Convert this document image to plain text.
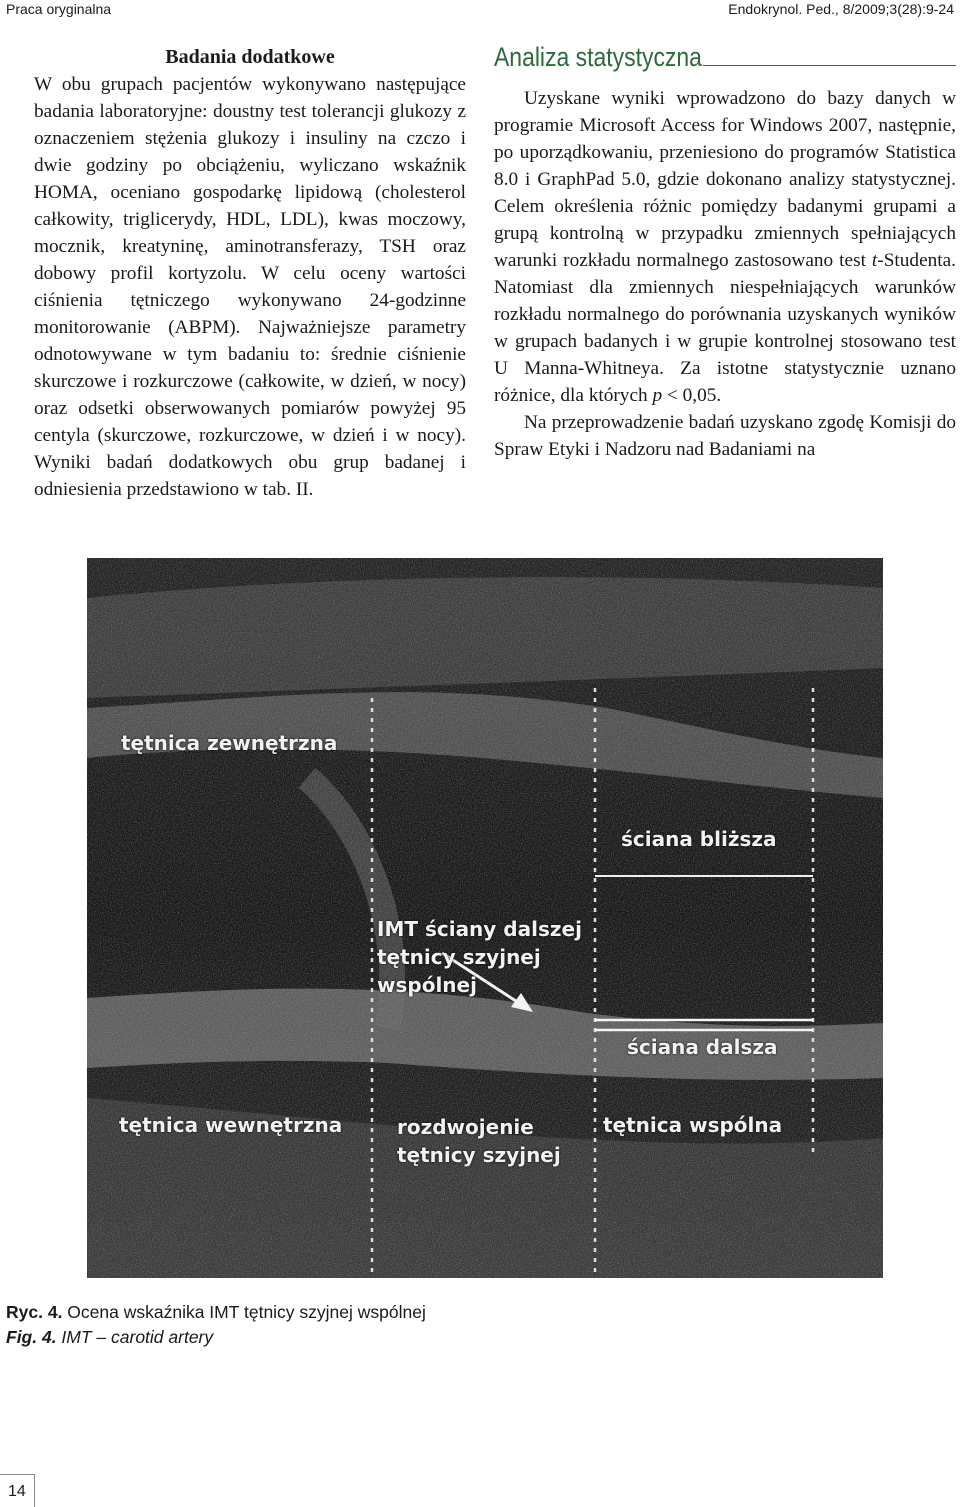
Praca oryginalna	Endokrynol. Ped., 8/2009;3(28):9-24
Badania dodatkowe

W obu grupach pacjentów wykonywano następujące badania laboratoryjne: doustny test tolerancji glukozy z oznaczeniem stężenia glukozy i insuliny na czczo i dwie godziny po obciążeniu, wyliczano wskaźnik HOMA, oceniano gospodarkę lipidową (cholesterol całkowity, triglicerydy, HDL, LDL), kwas moczowy, mocznik, kreatyninę, aminotransferazy, TSH oraz dobowy profil kortyzolu. W celu oceny wartości ciśnienia tętniczego wykonywano 24-godzinne monitorowanie (ABPM). Najważniejsze parametry odnotowywane w tym badaniu to: średnie ciśnienie skurczowe i rozkurczowe (całkowite, w dzień, w nocy) oraz odsetki obserwowanych pomiarów powyżej 95 centyla (skurczowe, rozkurczowe, w dzień i w nocy). Wyniki badań dodatkowych obu grup badanej i odniesienia przedstawiono w tab. II.

Analiza statystyczna

Uzyskane wyniki wprowadzono do bazy danych w programie Microsoft Access for Windows 2007, następnie, po uporządkowaniu, przeniesiono do programów Statistica 8.0 i GraphPad 5.0, gdzie dokonano analizy statystycznej. Celem określenia różnic pomiędzy badanymi grupami a grupą kontrolną w przypadku zmiennych spełniających warunki rozkładu normalnego zastosowano test t-Studenta. Natomiast dla zmiennych niespełniających warunków rozkładu normalnego do porównania uzyskanych wyników w grupach badanych i w grupie kontrolnej stosowano test U Manna-Whitneya. Za istotne statystycznie uznano różnice, dla których p < 0,05.

Na przeprowadzenie badań uzyskano zgodę Komisji do Spraw Etyki i Nadzoru nad Badaniami na

tętnica zewnętrzna
ściana bliższa
IMT ściany dalszej
tętnicy szyjnej
wspólnej
ściana dalsza
tętnica wewnętrzna	rozdwojenie
tętnicy szyjnej
tętnica wspólna
Ryc. 4. Ocena wskaźnika IMT tętnicy szyjnej wspólnej
Fig. 4. IMT – carotid artery
14
